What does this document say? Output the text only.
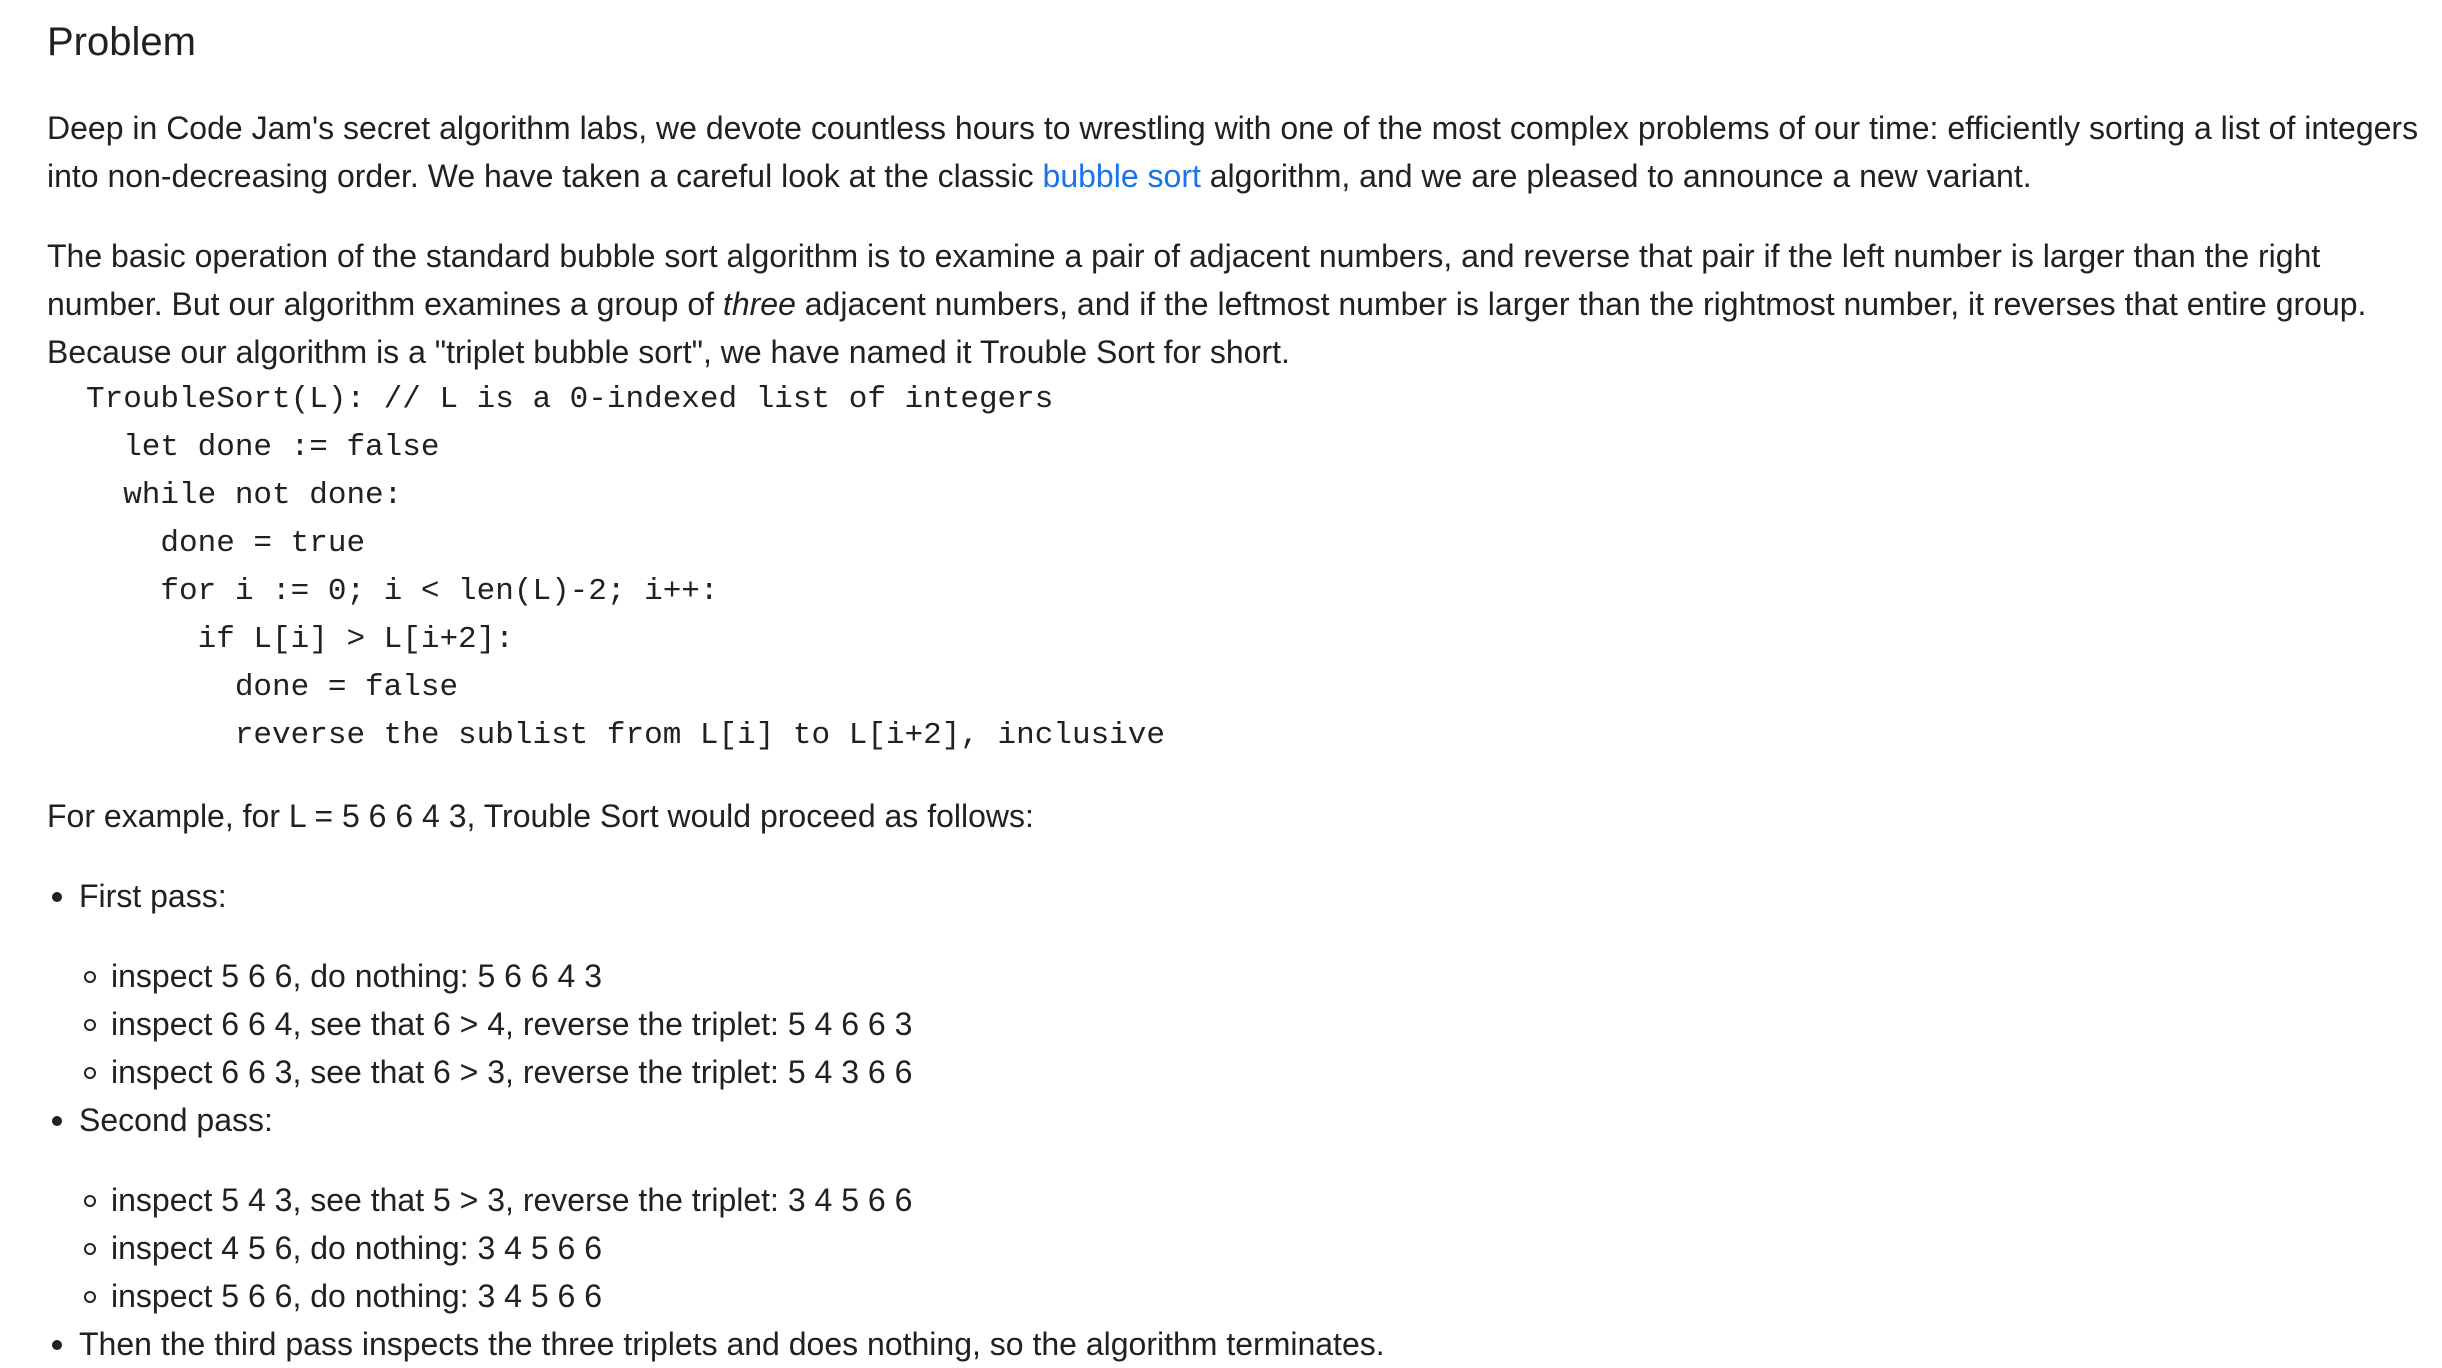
Problem

Deep in Code Jam's secret algorithm labs, we devote countless hours to wrestling with one of the most complex problems of our time: efficiently sorting a list of integers into non-decreasing order. We have taken a careful look at the classic bubble sort algorithm, and we are pleased to announce a new variant.

The basic operation of the standard bubble sort algorithm is to examine a pair of adjacent numbers, and reverse that pair if the left number is larger than the right number. But our algorithm examines a group of three adjacent numbers, and if the leftmost number is larger than the rightmost number, it reverses that entire group. Because our algorithm is a "triplet bubble sort", we have named it Trouble Sort for short.

TroubleSort(L): // L is a 0-indexed list of integers
let done := false
while not done:
done = true
for i := 0; i < len(L)-2; i++:
if L[i] > L[i+2]:
done = false
reverse the sublist from L[i] to L[i+2], inclusive

For example, for L = 5 6 6 4 3, Trouble Sort would proceed as follows:

First pass:
inspect 5 6 6, do nothing: 5 6 6 4 3
inspect 6 6 4, see that 6 > 4, reverse the triplet: 5 4 6 6 3
inspect 6 6 3, see that 6 > 3, reverse the triplet: 5 4 3 6 6
Second pass:
inspect 5 4 3, see that 5 > 3, reverse the triplet: 3 4 5 6 6
inspect 4 5 6, do nothing: 3 4 5 6 6
inspect 5 6 6, do nothing: 3 4 5 6 6
Then the third pass inspects the three triplets and does nothing, so the algorithm terminates.
